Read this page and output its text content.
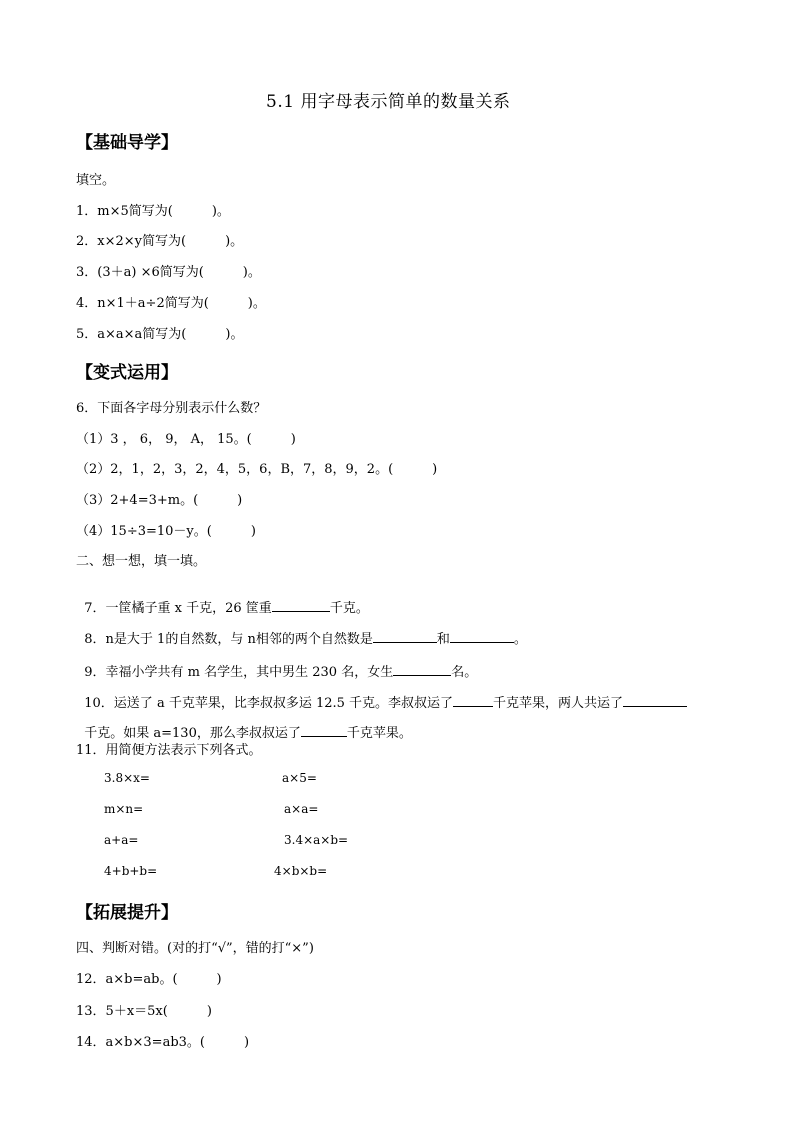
5.1 用字母表示简单的数量关系
【基础导学】
填空。
1．m×5简写为(　　　)。
2．x×2×y简写为(　　　)。
3．(3＋a) ×6简写为(　　　)。
4．n×1＋a÷2简写为(　　　)。
5．a×a×a简写为(　　　)。
【变式运用】
6．下面各字母分别表示什么数？
（1）3 ， 6， 9， A， 15。(　　　)
（2）2，1，2，3，2，4，5，6，B，7，8，9，2。(　　　)
（3）2+4=3+m。(　　　)
（4）15÷3=10－y。(　　　)
二、想一想，填一填。

7．一筐橘子重 x 千克，26 筐重	千克。

8．n是大于 1的自然数，与 n相邻的两个自然数是	和	。

9．幸福小学共有 m 名学生，其中男生 230 名，女生	名。

10．运送了 a 千克苹果，比李叔叔多运 12.5 千克。李叔叔运了	千克苹果，两人共运了

千克。如果 a=130，那么李叔叔运了	千克苹果。

11．用简便方法表示下列各式。
3.8×x=	a×5=
m×n=	a×a=
a+a=	3.4×a×b=
4+b+b=	4×b×b=
【拓展提升】
四、判断对错。(对的打“√”，错的打“×”)
12．a×b=ab。(　　　)
13．5＋x＝5x(　　　)
14．a×b×3=ab3。(　　　)
